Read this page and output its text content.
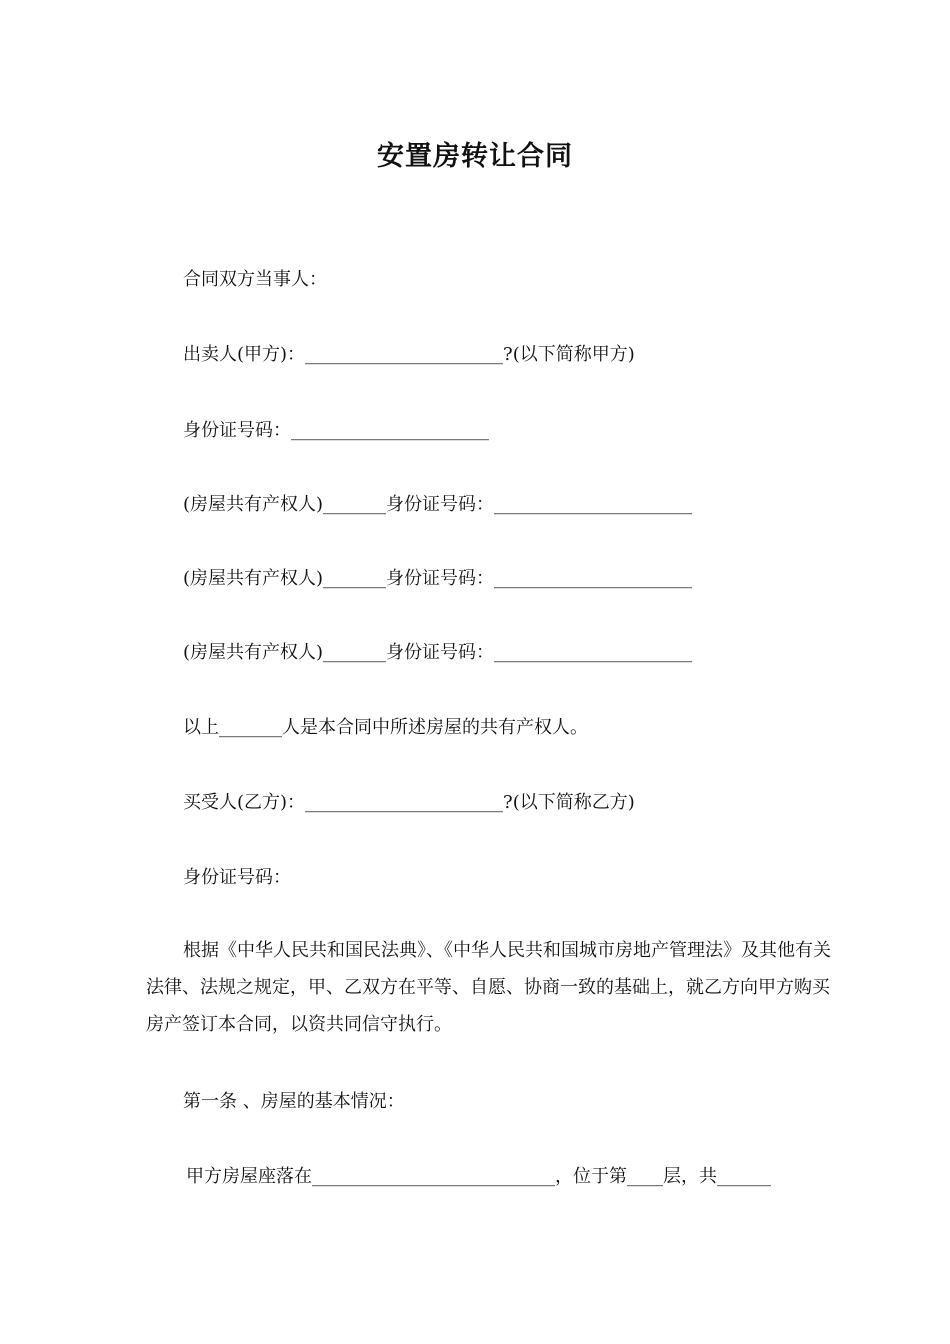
安置房转让合同
合同双方当事人：
出卖人(甲方)：______________________?(以下简称甲方)
身份证号码：______________________
(房屋共有产权人)_______身份证号码：______________________
(房屋共有产权人)_______身份证号码：______________________
(房屋共有产权人)_______身份证号码：______________________
以上_______人是本合同中所述房屋的共有产权人。
买受人(乙方)：______________________?(以下简称乙方)
身份证号码：
根据《中华人民共和国民法典》、《中华人民共和国城市房地产管理法》及其他有关法律、法规之规定，甲、乙双方在平等、自愿、协商一致的基础上，就乙方向甲方购买房产签订本合同，以资共同信守执行。
第一条 、房屋的基本情况：
甲方房屋座落在___________________________，位于第____层，共______
